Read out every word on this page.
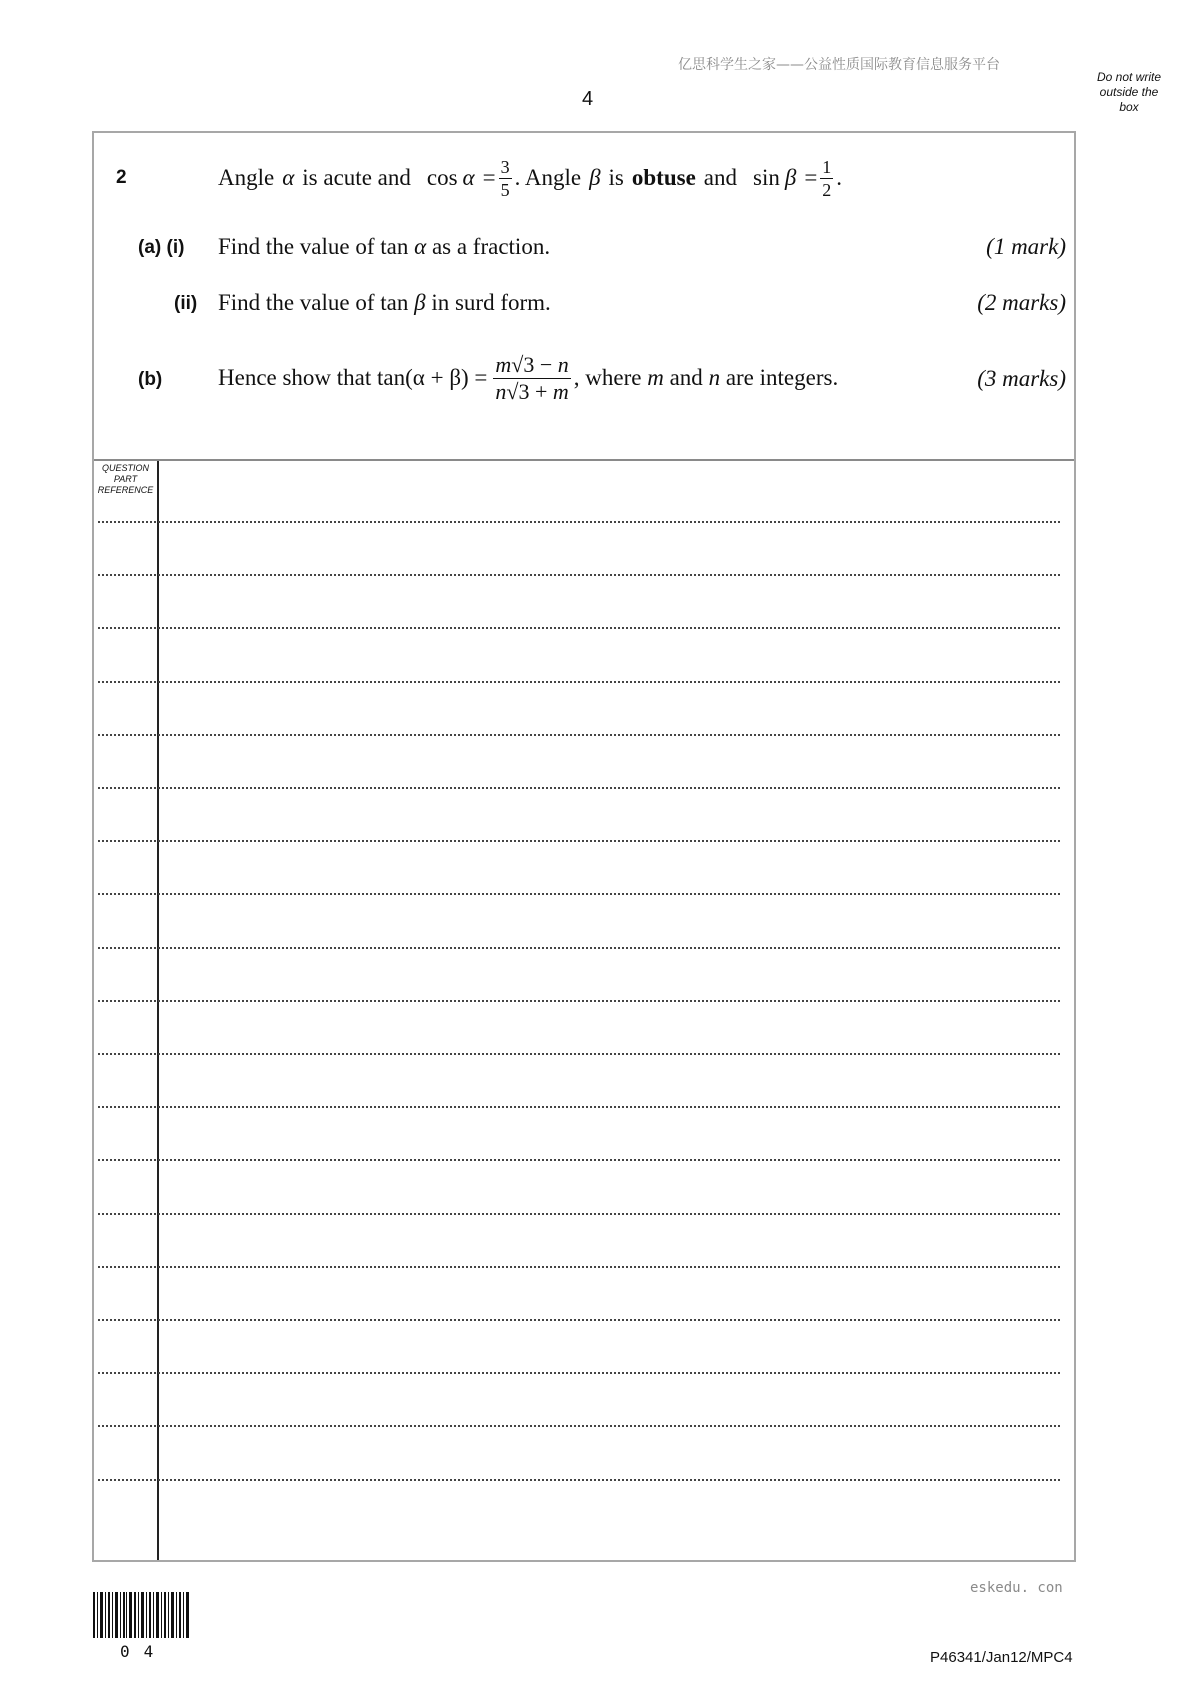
亿思科学生之家——公益性质国际教育信息服务平台
4
Do not write
outside the
box
2	Angle α is acute and $\cos \alpha = \frac{3}{5}$ . Angle β is obtuse and $\sin \beta = \frac{1}{2}$ .
(a) (i) Find the value of tan α as a fraction.	(1 mark)
(ii) Find the value of tan β in surd form.	(2 marks)
(b) Hence show that $\tan(\alpha + \beta) = \frac{m√3 - n}{n√3 + m}$ , where m and n are integers.	(3 marks)
QUESTION
PART
REFERENCE
eskedu. con
04	P46341/Jan12/MPC4
